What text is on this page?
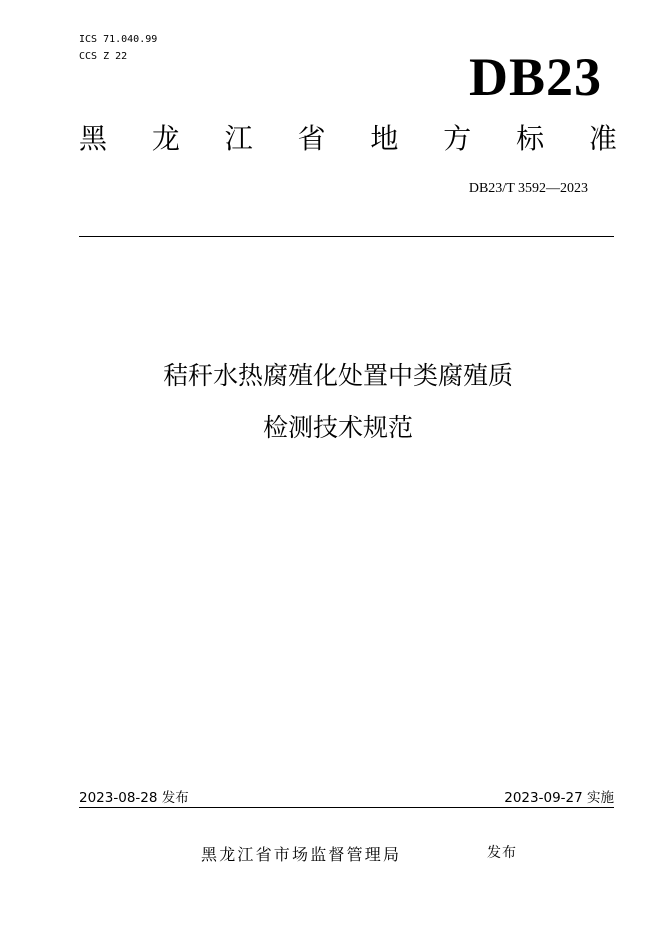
ICS 71.040.99
CCS Z 22	DB23
黑 龙 江 省 地 方 标 准
DB23/T 3592—2023
秸秆水热腐殖化处置中类腐殖质
检测技术规范
2023-08-28 发布	2023-09-27 实施
黑龙江省市场监督管理局	发布
